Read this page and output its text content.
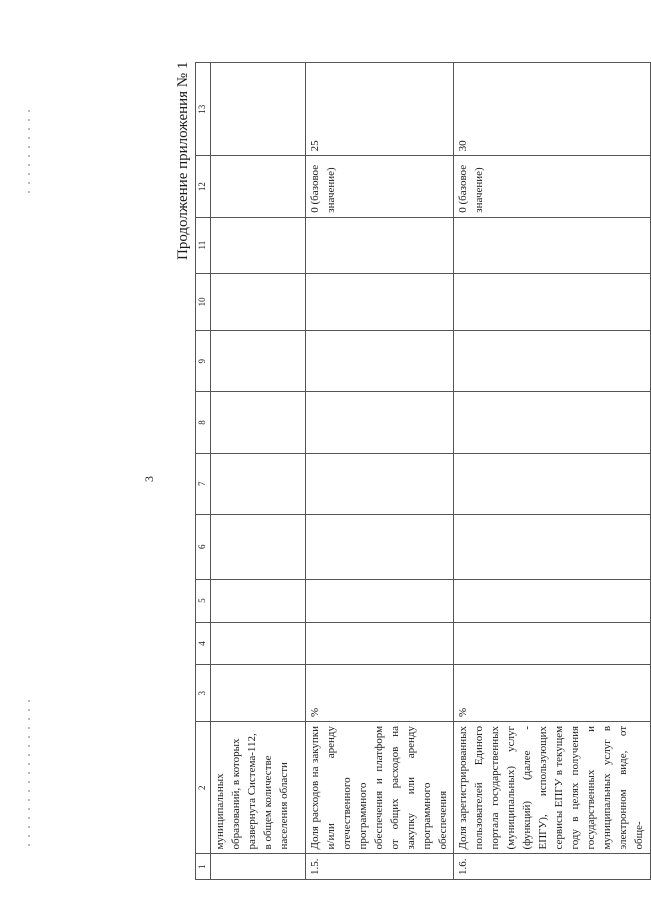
3
Продолжение приложения № 1
1	2	3	4	5	6	7	8	9	10	11	12	13
	муниципальных образований, в которых развернута Система-112, в общем количестве населения области											
1.5.	Доля расходов на закупки и/или аренду отечественного программного обеспечения и платформ от общих расходов на закупку или аренду программного обеспечения	%									0 (базовое значение)	25
1.6.	Доля зарегистрированных пользователей Единого портала государственных (муниципальных) услуг (функций) (далее - ЕПГУ), использующих сервисы ЕПГУ в текущем году в целях получения государственных и муниципальных услуг в электронном виде, от обще-	%									0 (базовое значение)	30
